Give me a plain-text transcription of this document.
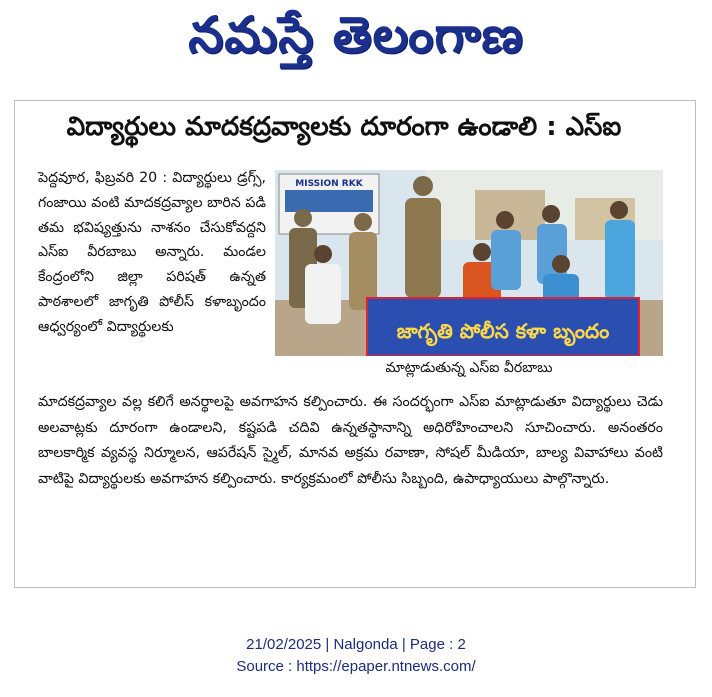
నమస్తే తెలంగాణ
విద్యార్థులు మాదకద్రవ్యాలకు దూరంగా ఉండాలి : ఎస్ఐ

పెద్దవూర, ఫిబ్రవరి 20 : విద్యార్థులు డ్రగ్స్, గంజాయి వంటి మాదకద్రవ్యాల బారిన పడి తమ భవిష్యత్తును నాశనం చేసుకోవద్దని ఎస్ఐ వీరబాబు అన్నారు. మండల కేంద్రంలోని జిల్లా పరిషత్ ఉన్నత పాఠశాలలో జాగృతి పోలీస్ కళాబృందం ఆధ్వర్యంలో విద్యార్థులకు

MISSION RKK
జాగృతి పోలీస కళా బృందం
మాట్లాడుతున్న ఎస్ఐ వీరబాబు

మాదకద్రవ్యాల వల్ల కలిగే అనర్థాలపై అవగాహన కల్పించారు. ఈ సందర్భంగా ఎస్ఐ మాట్లాడుతూ విద్యార్థులు చెడు అలవాట్లకు దూరంగా ఉండాలని, కష్టపడి చదివి ఉన్నతస్థానాన్ని అధిరోహించాలని సూచించారు. అనంతరం బాలకార్మిక వ్యవస్థ నిర్మూలన, ఆపరేషన్ స్మైల్, మానవ అక్రమ రవాణా, సోషల్ మీడియా, బాల్య వివాహాలు వంటి వాటిపై విద్యార్థులకు అవగాహన కల్పించారు. కార్యక్రమంలో పోలీసు సిబ్బంది, ఉపాధ్యాయులు పాల్గొన్నారు.

21/02/2025 | Nalgonda | Page : 2
Source : https://epaper.ntnews.com/
